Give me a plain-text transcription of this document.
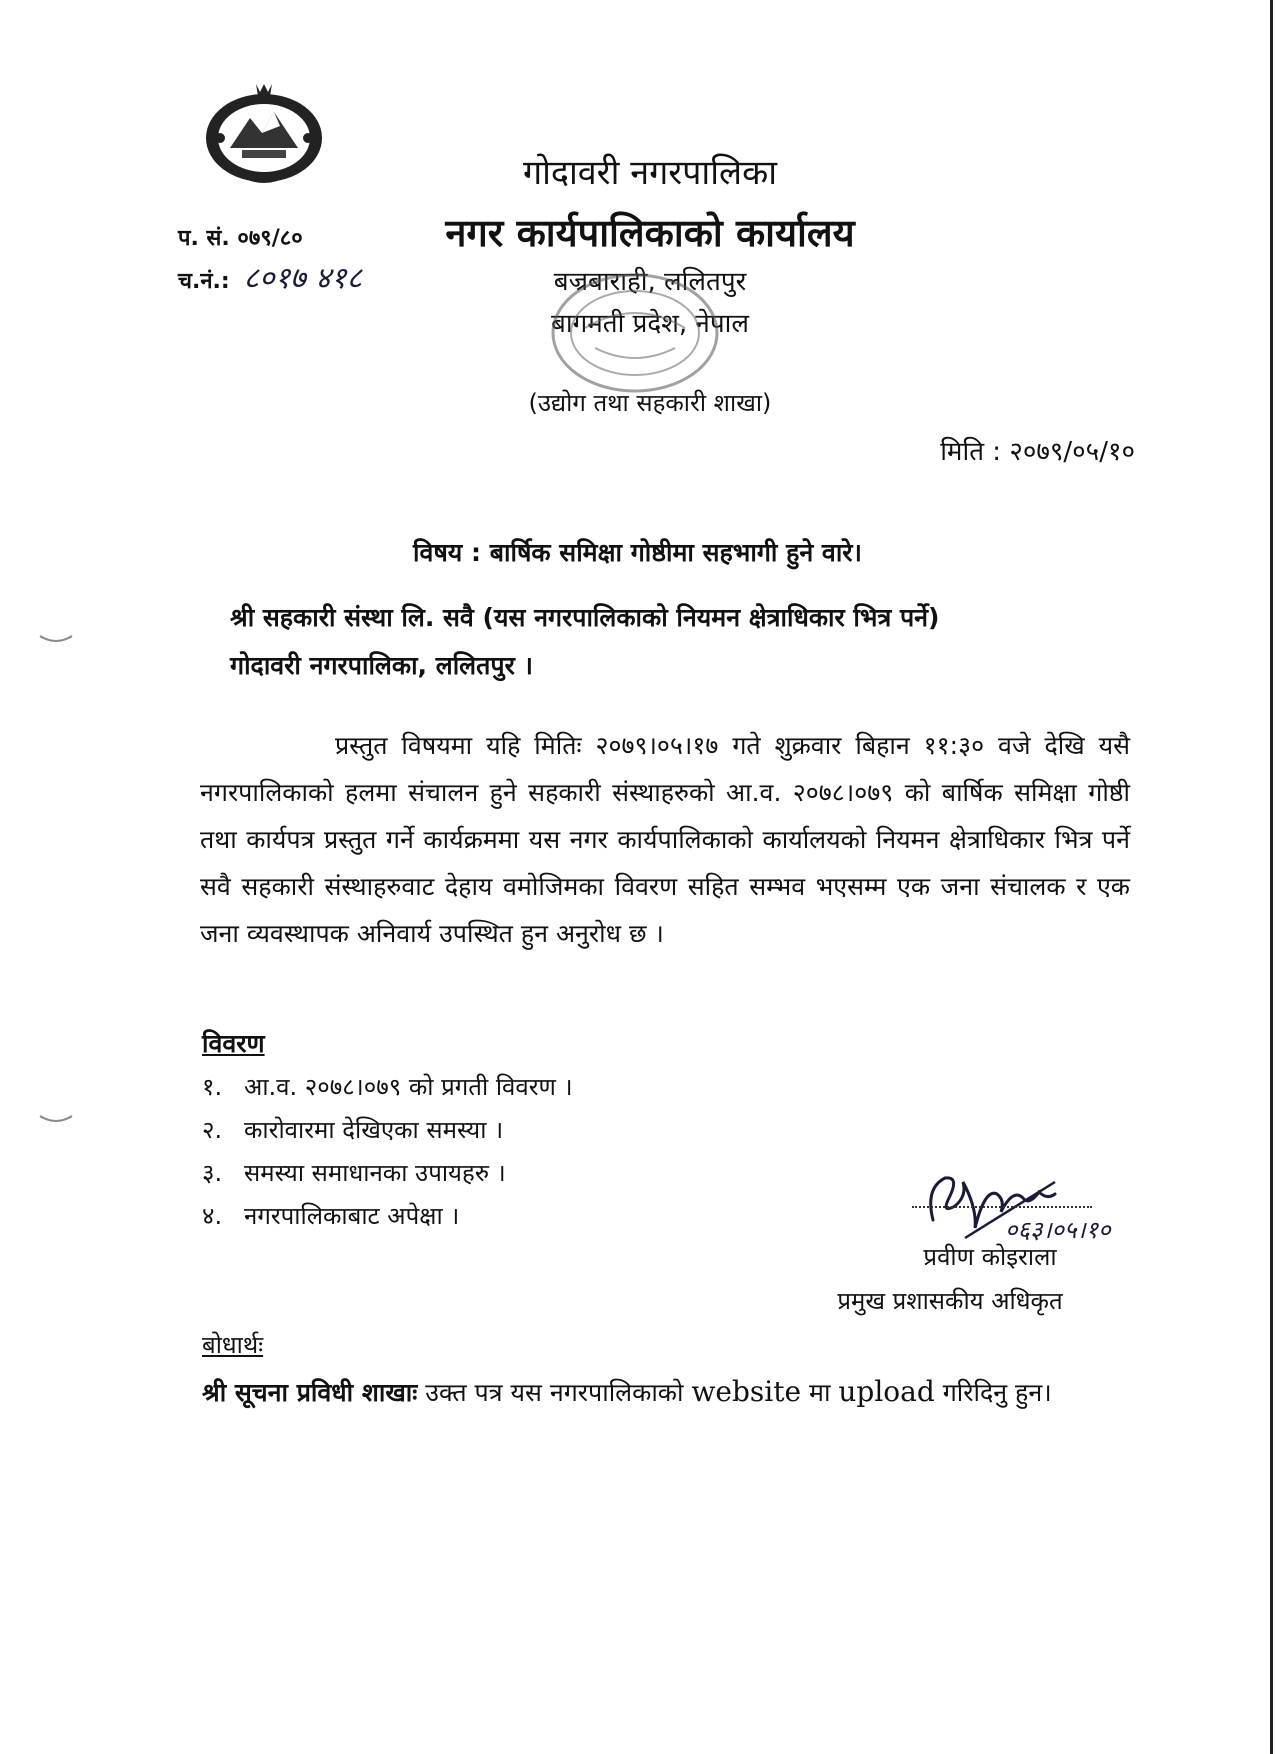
गोदावरी नगरपालिका
नगर कार्यपालिकाको कार्यालय
बज्रबाराही, ललितपुर
बागमती प्रदेश, नेपाल
(उद्योग तथा सहकारी शाखा)
प. सं. ०७९/८०
च.नं.: ८०१७ ४१८
मिति : २०७९/०५/१०
विषय : बार्षिक समिक्षा गोष्ठीमा सहभागी हुने वारे।
श्री सहकारी संस्था लि. सवै (यस नगरपालिकाको नियमन क्षेत्राधिकार भित्र पर्ने)
गोदावरी नगरपालिका, ललितपुर ।

प्रस्तुत विषयमा यहि मितिः २०७९।०५।१७ गते शुक्रवार बिहान ११:३० वजे देखि यसै नगरपालिकाको हलमा संचालन हुने सहकारी संस्थाहरुको आ.व. २०७८।०७९ को बार्षिक समिक्षा गोष्ठी तथा कार्यपत्र प्रस्तुत गर्ने कार्यक्रममा यस नगर कार्यपालिकाको कार्यालयको नियमन क्षेत्राधिकार भित्र पर्ने सवै सहकारी संस्थाहरुवाट देहाय वमोजिमका विवरण सहित सम्भव भएसम्म एक जना संचालक र एक जना व्यवस्थापक अनिवार्य उपस्थित हुन अनुरोध छ ।

विवरण
१. आ.व. २०७८।०७९ को प्रगती विवरण ।
२. कारोवारमा देखिएका समस्या ।
३. समस्या समाधानका उपायहरु ।
४. नगरपालिकाबाट अपेक्षा ।	०६३।०५।१०
प्रवीण कोइराला
प्रमुख प्रशासकीय अधिकृत
बोधार्थः

श्री सूचना प्रविधी शाखाः उक्त पत्र यस नगरपालिकाको website मा upload गरिदिनु हुन।
